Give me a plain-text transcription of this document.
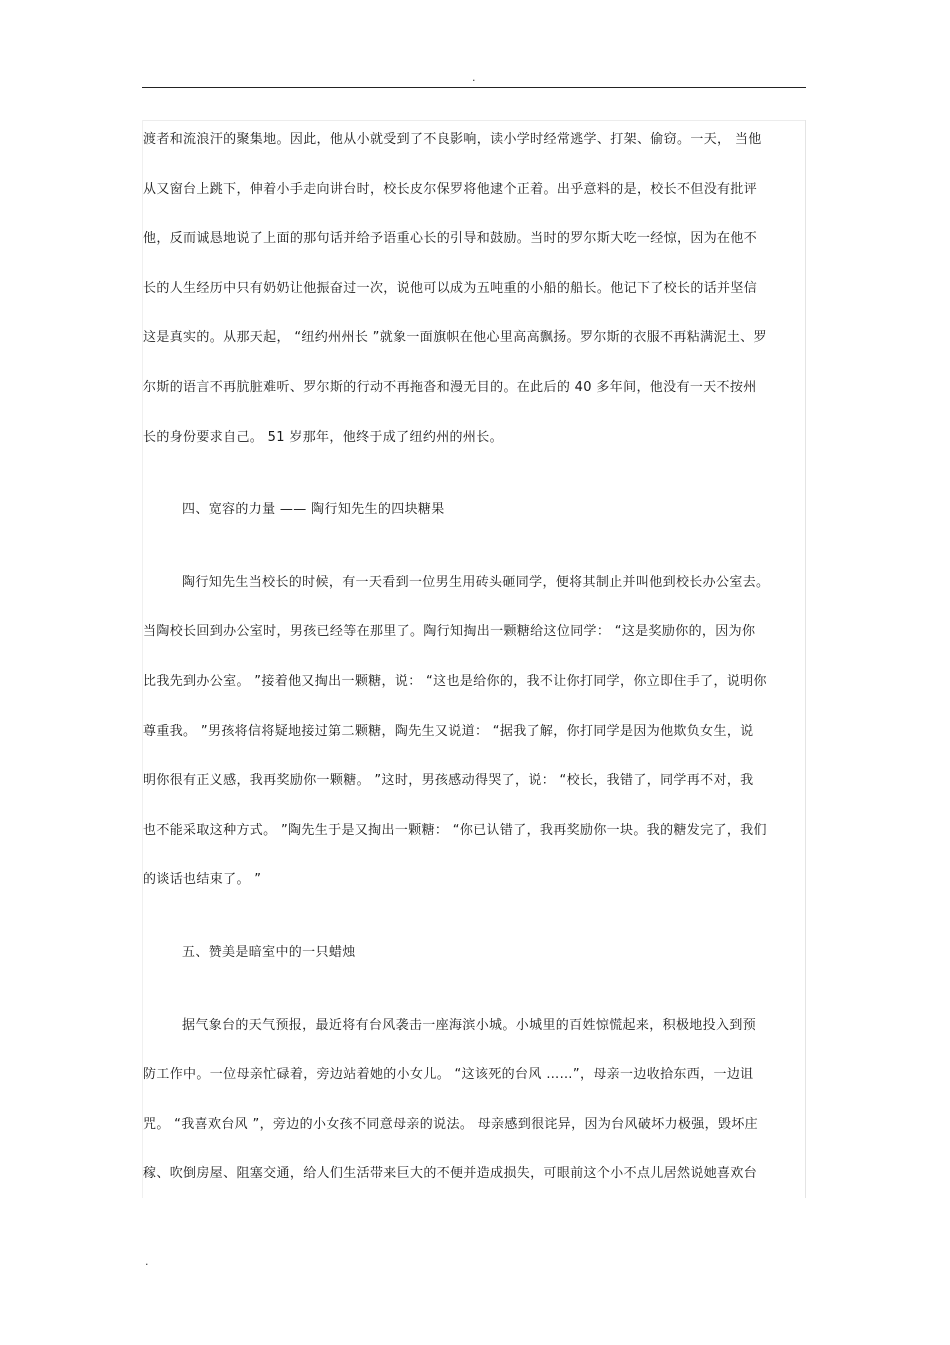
.
渡者和流浪汗的聚集地。因此，他从小就受到了不良影响，读小学时经常逃学、打架、偷窃。一天， 当他
从又窗台上跳下，伸着小手走向讲台时，校长皮尔保罗将他逮个正着。出乎意料的是，校长不但没有批评
他，反而诚恳地说了上面的那句话并给予语重心长的引导和鼓励。当时的罗尔斯大吃一经惊，因为在他不
长的人生经历中只有奶奶让他振奋过一次，说他可以成为五吨重的小船的船长。他记下了校长的话并坚信
这是真实的。从那天起， “纽约州州长 ”就象一面旗帜在他心里高高飘扬。罗尔斯的衣服不再粘满泥土、罗
尔斯的语言不再肮脏难听、罗尔斯的行动不再拖沓和漫无目的。在此后的 40 多年间，他没有一天不按州
长的身份要求自己。 51 岁那年，他终于成了纽约州的州长。
四、宽容的力量 —— 陶行知先生的四块糖果
陶行知先生当校长的时候，有一天看到一位男生用砖头砸同学，便将其制止并叫他到校长办公室去。
当陶校长回到办公室时，男孩已经等在那里了。陶行知掏出一颗糖给这位同学： “这是奖励你的，因为你
比我先到办公室。 ”接着他又掏出一颗糖，说： “这也是给你的，我不让你打同学，你立即住手了，说明你
尊重我。 ”男孩将信将疑地接过第二颗糖，陶先生又说道： “据我了解，你打同学是因为他欺负女生，说
明你很有正义感，我再奖励你一颗糖。 ”这时，男孩感动得哭了，说： “校长，我错了，同学再不对，我
也不能采取这种方式。 ”陶先生于是又掏出一颗糖： “你已认错了，我再奖励你一块。我的糖发完了，我们
的谈话也结束了。 ”
五、赞美是暗室中的一只蜡烛
据气象台的天气预报，最近将有台风袭击一座海滨小城。小城里的百姓惊慌起来，积极地投入到预
防工作中。一位母亲忙碌着，旁边站着她的小女儿。 “这该死的台风 ……”，母亲一边收拾东西，一边诅
咒。 “我喜欢台风 ”，旁边的小女孩不同意母亲的说法。 母亲感到很诧异，因为台风破坏力极强，毁坏庄
稼、吹倒房屋、阻塞交通，给人们生活带来巨大的不便并造成损失，可眼前这个小不点儿居然说她喜欢台
.
